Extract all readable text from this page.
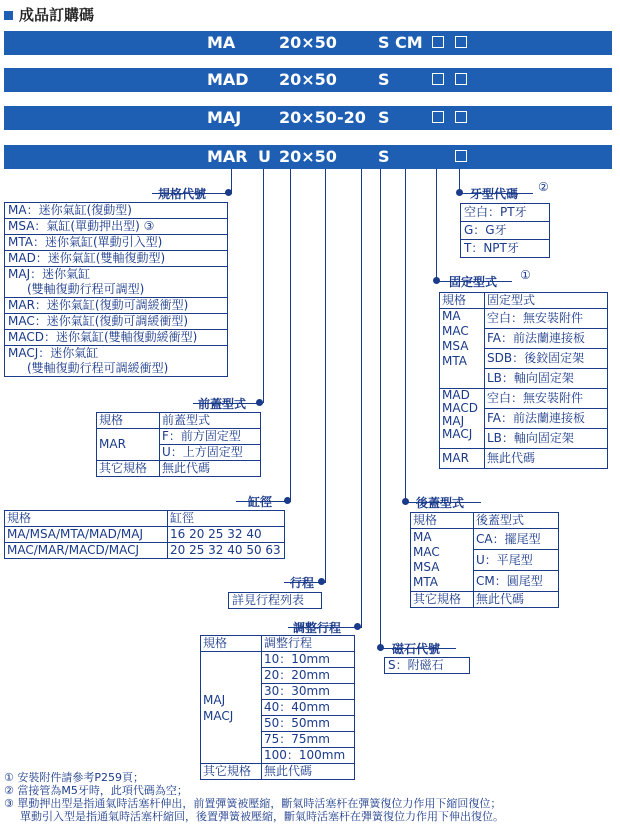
成品訂購碼
MA	20×50	S CM
MAD 20×50	S
MAJ 20×50-20 S
MAR U 20×50	S
規格代號
MA：迷你氣缸(復動型)
MSA：氣缸(單動押出型) ③
MTA：迷你氣缸(單動引入型)
MAD：迷你氣缸(雙軸復動型)
MAJ：迷你氣缸
(雙軸復動行程可調型)
MAR：迷你氣缸(復動可調緩衝型)
MAC：迷你氣缸(復動可調緩衝型)
MACD：迷你氣缸(雙軸復動緩衝型)
MACJ：迷你氣缸
(雙軸復動行程可調緩衝型)
前蓋型式
規格	前蓋型式
MAR	F：前方固定型
	U：上方固定型
其它規格	無此代碼
缸徑
規格	缸徑
MA/MSA/MTA/MAD/MAJ	16 20 25 32 40
MAC/MAR/MACD/MACJ	20 25 32 40 50 63
行程
詳見行程列表
調整行程
規格	調整行程
MAJ
MACJ	10：10mm
	20：20mm
	30：30mm
	40：40mm
	50：50mm
	75：75mm
	100：100mm
其它規格	無此代碼
磁石代號
S：附磁石
後蓋型式
規格	後蓋型式
MA
MAC
MSA
MTA	CA：擺尾型
	U：平尾型
	CM：圓尾型
其它規格	無此代碼
固定型式 ①
規格	固定型式
MA
MAC
MSA
MTA	空白：無安裝附件
	FA：前法蘭連接板
	SDB：後鉸固定架
	LB：軸向固定架
MAD
MACD
MAJ
MACJ	空白：無安裝附件
	FA：前法蘭連接板
	LB：軸向固定架
MAR	無此代碼
牙型代碼 ②
空白：PT牙
G：G牙
T：NPT牙
① 安裝附件請參考P259頁；
② 當接管為M5牙時，此項代碼為空；
③ 單動押出型是指通氣時活塞杆伸出，前置彈簧被壓縮，斷氣時活塞杆在彈簧復位力作用下縮回復位；
單動引入型是指通氣時活塞杆縮回，後置彈簧被壓縮，斷氣時活塞杆在彈簧復位力作用下伸出復位。
